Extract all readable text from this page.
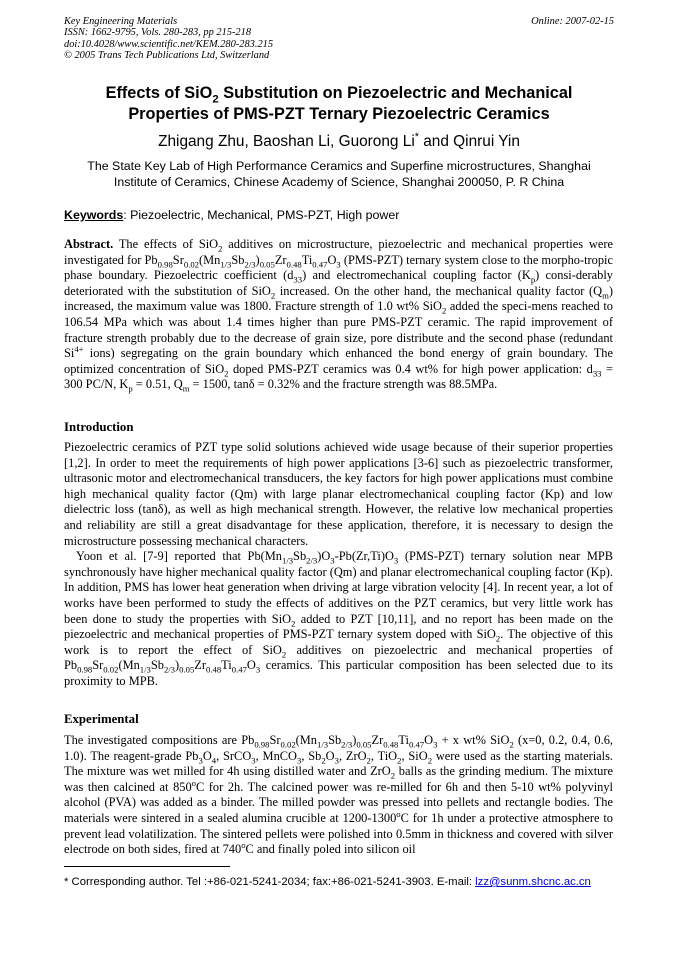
Key Engineering Materials
ISSN: 1662-9795, Vols. 280-283, pp 215-218
doi:10.4028/www.scientific.net/KEM.280-283.215
© 2005 Trans Tech Publications Ltd, Switzerland
Online: 2007-02-15
Effects of SiO$_2$ Substitution on Piezoelectric and Mechanical
Properties of PMS-PZT Ternary Piezoelectric Ceramics
Zhigang Zhu, Baoshan Li, Guorong Li* and Qinrui Yin
The State Key Lab of High Performance Ceramics and Superfine microstructures, Shanghai
Institute of Ceramics, Chinese Academy of Science, Shanghai 200050, P. R China
Keywords: Piezoelectric, Mechanical, PMS-PZT, High power
Abstract. The effects of SiO$_2$ additives on microstructure, piezoelectric and mechanical properties were investigated for $Pb_{0.98}Sr_{0.02}(Mn_{1/3}Sb_{2/3})_{0.05}Zr_{0.48}Ti_{0.47}O_3$ (PMS-PZT) ternary system close to the morpho-tropic phase boundary. Piezoelectric coefficient $(d_{33})$ and electromechanical coupling factor $(K_p)$ consi-derably deteriorated with the substitution of SiO$_2$ increased. On the other hand, the mechanical quality factor $(Q_m)$ increased, the maximum value was 1800. Fracture strength of 1.0 wt% SiO$_2$ added the speci-mens reached to 106.54 MPa which was about 1.4 times higher than pure PMS-PZT ceramic. The rapid improvement of fracture strength probably due to the decrease of grain size, pore distribute and the second phase (redundant $Si^{4+}$ ions) segregating on the grain boundary which enhanced the bond energy of grain boundary. The optimized concentration of SiO$_2$ doped PMS-PZT ceramics was 0.4 wt% for high power application: $d_{33} = 300$ PC/N, $K_p = 0.51$, $Q_m = 1500$, tanδ = 0.32% and the fracture strength was 88.5MPa.
Introduction
Piezoelectric ceramics of PZT type solid solutions achieved wide usage because of their superior properties [1,2]. In order to meet the requirements of high power applications [3-6] such as piezoelectric transformer, ultrasonic motor and electromechanical transducers, the key factors for high power applications must combine high mechanical quality factor (Qm) with large planar electromechanical coupling factor (Kp) and low dielectric loss (tanδ), as well as high mechanical strength. However, the relative low mechanical properties and reliability are still a great disadvantage for these application, therefore, it is necessary to design the microstructure possessing mechanical characters.
Yoon et al. [7-9] reported that $Pb(Mn_{1/3}Sb_{2/3})O_3-Pb(Zr,Ti)O_3$ (PMS-PZT) ternary solution near MPB synchronously have higher mechanical quality factor (Qm) and planar electromechanical coupling factor (Kp). In addition, PMS has lower heat generation when driving at large vibration velocity [4]. In recent year, a lot of works have been performed to study the effects of additives on the PZT ceramics, but very little work has been done to study the properties with SiO$_2$ added to PZT [10,11], and no report has been made on the piezoelectric and mechanical properties of PMS-PZT ternary system doped with SiO$_2$. The objective of this work is to report the effect of SiO$_2$ additives on piezoelectric and mechanical properties of $Pb_{0.98}Sr_{0.02}(Mn_{1/3}Sb_{2/3})_{0.05}Zr_{0.48}Ti_{0.47}O_3$ ceramics. This particular composition has been selected due to its proximity to MPB.
Experimental
The investigated compositions are $Pb_{0.98}Sr_{0.02}(Mn_{1/3}Sb_{2/3})_{0.05}Zr_{0.48}Ti_{0.47}O_3 + x$ wt% SiO$_2$ (x=0, 0.2, 0.4, 0.6, 1.0). The reagent-grade $Pb_3O_4$, SrCO$_3$, MnCO$_3$, $Sb_2O_3$, ZrO$_2$, TiO$_2$, SiO$_2$ were used as the starting materials. The mixture was wet milled for 4h using distilled water and ZrO$_2$ balls as the grinding medium. The mixture was then calcined at 850$^o$C for 2h. The calcined power was re-milled for 6h and then 5-10 wt% polyvinyl alcohol (PVA) was added as a binder. The milled powder was pressed into pellets and rectangle bodies. The materials were sintered in a sealed alumina crucible at 1200-1300$^o$C for 1h under a protective atmosphere to prevent lead volatilization. The sintered pellets were polished into 0.5mm in thickness and covered with silver electrode on both sides, fired at 740$^o$C and finally poled into silicon oil
* Corresponding author. Tel :+86-021-5241-2034; fax:+86-021-5241-3903. E-mail: lzz@sunm.shcnc.ac.cn
